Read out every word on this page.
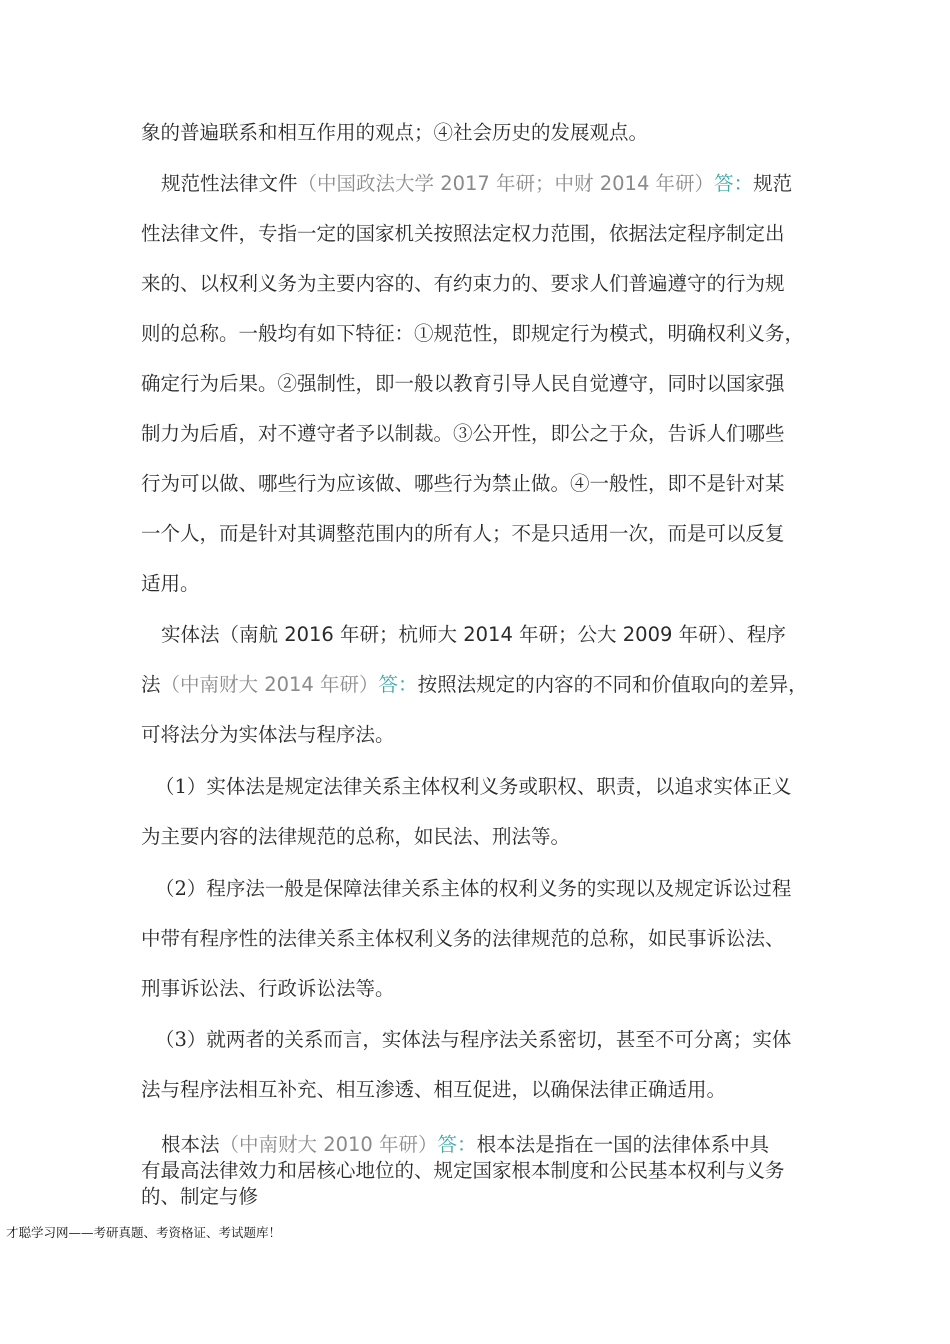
象的普遍联系和相互作用的观点；④社会历史的发展观点。
规范性法律文件（中国政法大学 2017 年研；中财 2014 年研）答：规范
性法律文件，专指一定的国家机关按照法定权力范围，依据法定程序制定出
来的、以权利义务为主要内容的、有约束力的、要求人们普遍遵守的行为规
则的总称。一般均有如下特征：①规范性，即规定行为模式，明确权利义务，
确定行为后果。②强制性，即一般以教育引导人民自觉遵守，同时以国家强
制力为后盾，对不遵守者予以制裁。③公开性，即公之于众，告诉人们哪些
行为可以做、哪些行为应该做、哪些行为禁止做。④一般性，即不是针对某
一个人，而是针对其调整范围内的所有人；不是只适用一次，而是可以反复
适用。
实体法（南航 2016 年研；杭师大 2014 年研；公大 2009 年研）、程序
法（中南财大 2014 年研）答：按照法规定的内容的不同和价值取向的差异，
可将法分为实体法与程序法。
（1）实体法是规定法律关系主体权利义务或职权、职责，以追求实体正义
为主要内容的法律规范的总称，如民法、刑法等。
（2）程序法一般是保障法律关系主体的权利义务的实现以及规定诉讼过程
中带有程序性的法律关系主体权利义务的法律规范的总称，如民事诉讼法、
刑事诉讼法、行政诉讼法等。
（3）就两者的关系而言，实体法与程序法关系密切，甚至不可分离；实体
法与程序法相互补充、相互渗透、相互促进，以确保法律正确适用。
根本法（中南财大 2010 年研）答：根本法是指在一国的法律体系中具
有最高法律效力和居核心地位的、规定国家根本制度和公民基本权利与义务
的、制定与修
才聪学习网——考研真题、考资格证、考试题库！
